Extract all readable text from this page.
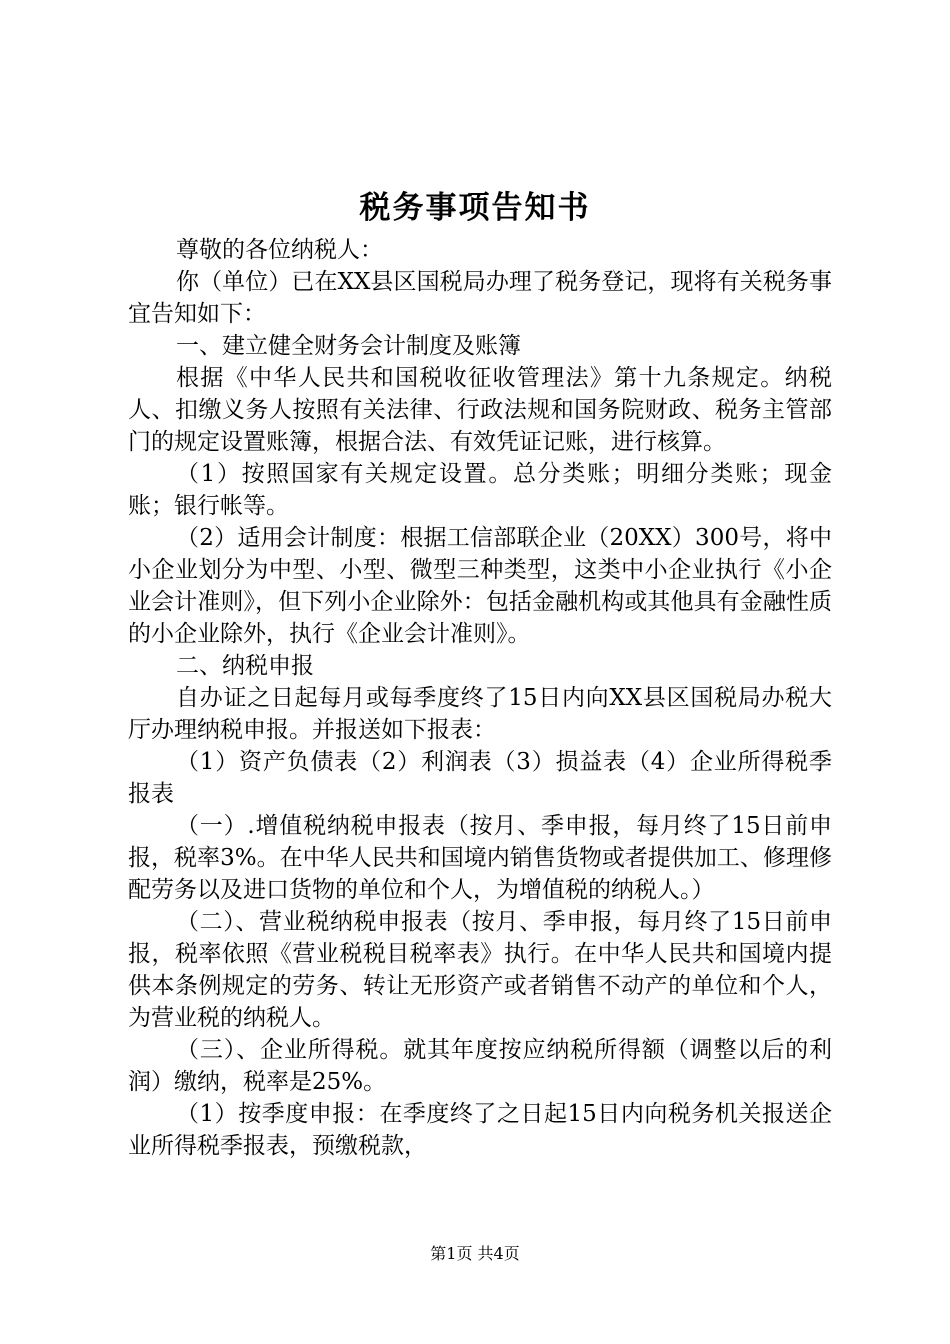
税务事项告知书

尊敬的各位纳税人：

你（单位）已在XX县区国税局办理了税务登记，现将有关税务事宜告知如下：

一、建立健全财务会计制度及账簿

根据《中华人民共和国税收征收管理法》第十九条规定。纳税人、扣缴义务人按照有关法律、行政法规和国务院财政、税务主管部门的规定设置账簿，根据合法、有效凭证记账，进行核算。

（1）按照国家有关规定设置。总分类账；明细分类账；现金账；银行帐等。

（2）适用会计制度：根据工信部联企业（20XX）300号，将中小企业划分为中型、小型、微型三种类型，这类中小企业执行《小企业会计准则》，但下列小企业除外：包括金融机构或其他具有金融性质的小企业除外，执行《企业会计准则》。

二、纳税申报

自办证之日起每月或每季度终了15日内向XX县区国税局办税大厅办理纳税申报。并报送如下报表：

（1）资产负债表（2）利润表（3）损益表（4）企业所得税季报表

（一）.增值税纳税申报表（按月、季申报，每月终了15日前申报，税率3%。在中华人民共和国境内销售货物或者提供加工、修理修配劳务以及进口货物的单位和个人，为增值税的纳税人。）

（二）、营业税纳税申报表（按月、季申报，每月终了15日前申报，税率依照《营业税税目税率表》执行。在中华人民共和国境内提供本条例规定的劳务、转让无形资产或者销售不动产的单位和个人，为营业税的纳税人。

（三）、企业所得税。就其年度按应纳税所得额（调整以后的利润）缴纳，税率是25%。

（1）按季度申报：在季度终了之日起15日内向税务机关报送企业所得税季报表，预缴税款，

第1页 共4页
